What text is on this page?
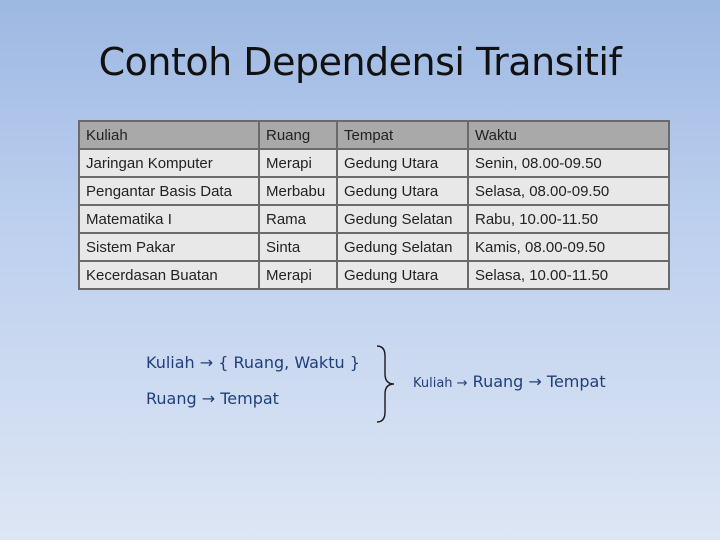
Contoh Dependensi Transitif
Kuliah	Ruang	Tempat	Waktu
Jaringan Komputer	Merapi	Gedung Utara	Senin, 08.00-09.50
Pengantar Basis Data	Merbabu	Gedung Utara	Selasa, 08.00-09.50
Matematika I	Rama	Gedung Selatan	Rabu, 10.00-11.50
Sistem Pakar	Sinta	Gedung Selatan	Kamis, 08.00-09.50
Kecerdasan Buatan	Merapi	Gedung Utara	Selasa, 10.00-11.50
Kuliah → { Ruang, Waktu }
Ruang → Tempat
Kuliah → Ruang → Tempat
